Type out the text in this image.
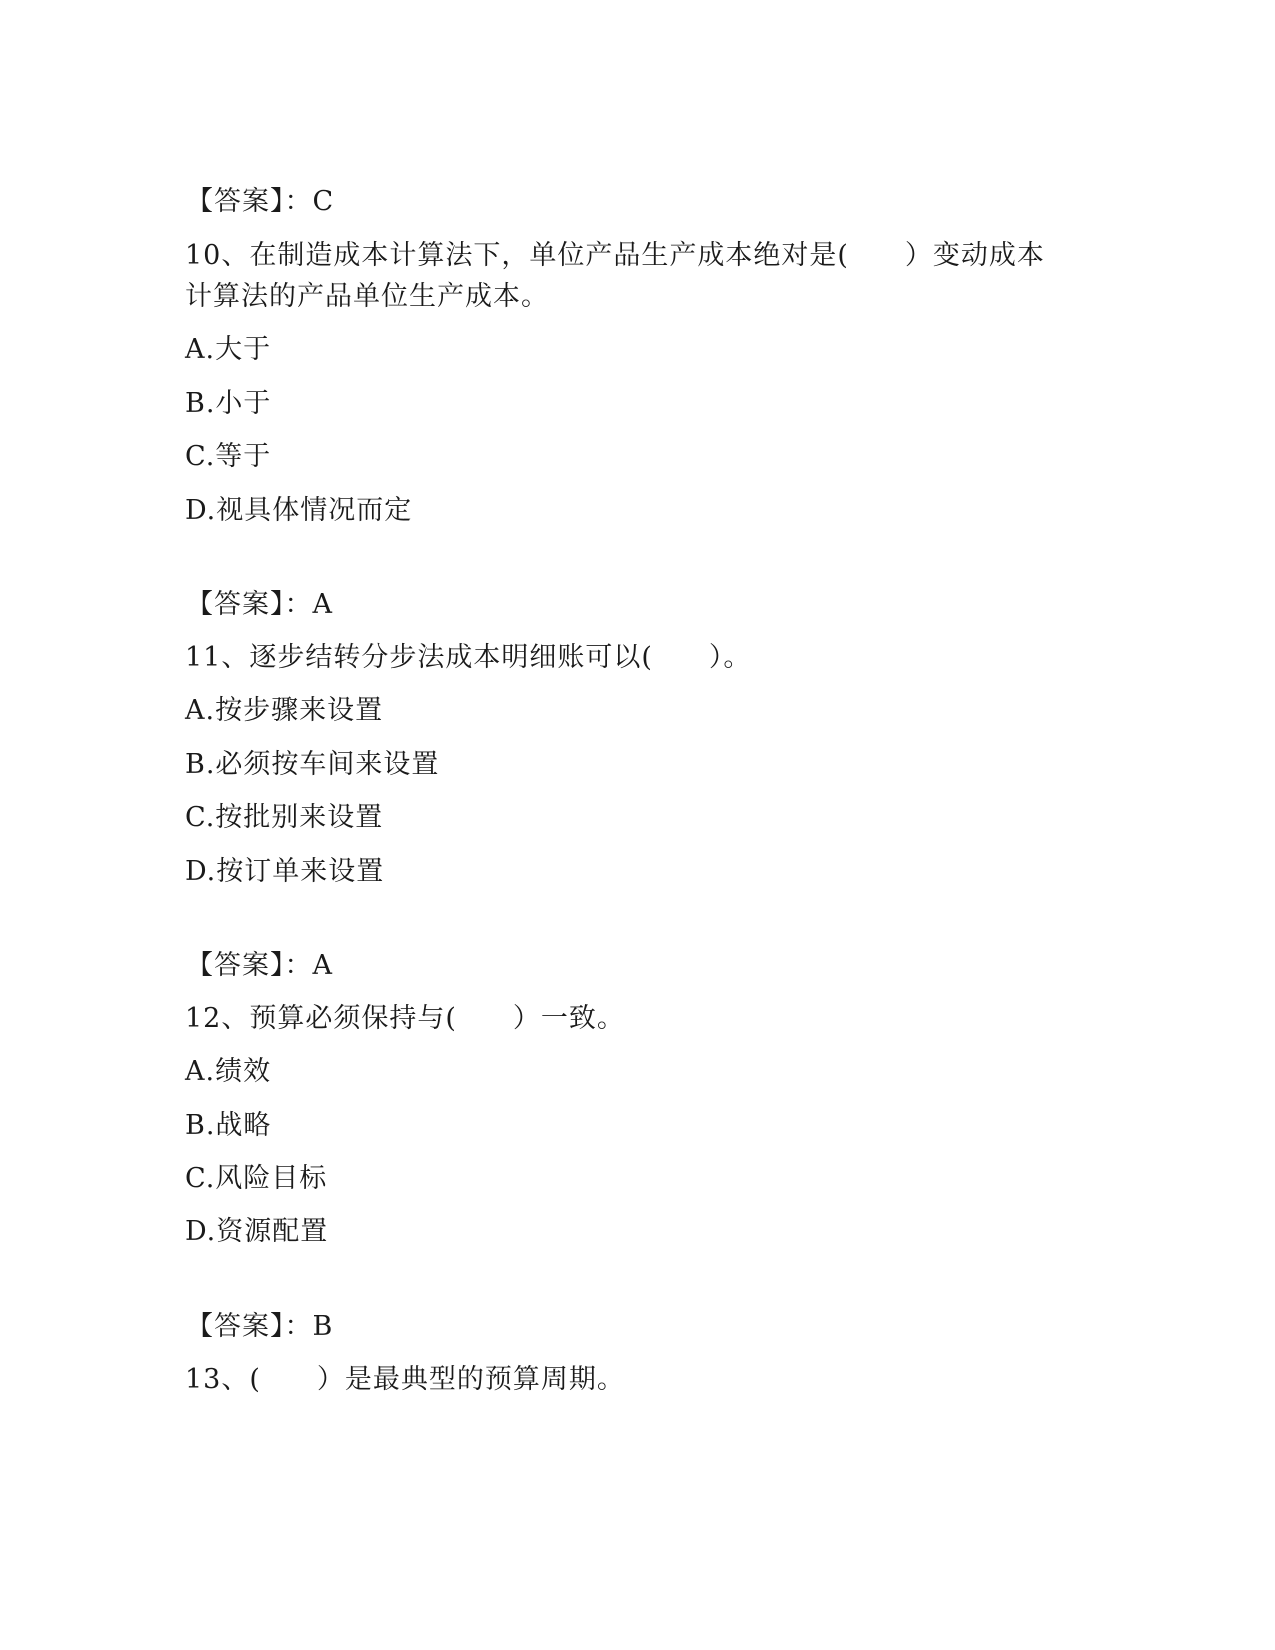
【答案】：C
10、在制造成本计算法下，单位产品生产成本绝对是(　　）变动成本
计算法的产品单位生产成本。
A.大于
B.小于
C.等于
D.视具体情况而定
【答案】：A
11、逐步结转分步法成本明细账可以(　　）。
A.按步骤来设置
B.必须按车间来设置
C.按批别来设置
D.按订单来设置
【答案】：A
12、预算必须保持与(　　）一致。
A.绩效
B.战略
C.风险目标
D.资源配置
【答案】：B
13、(　　）是最典型的预算周期。
